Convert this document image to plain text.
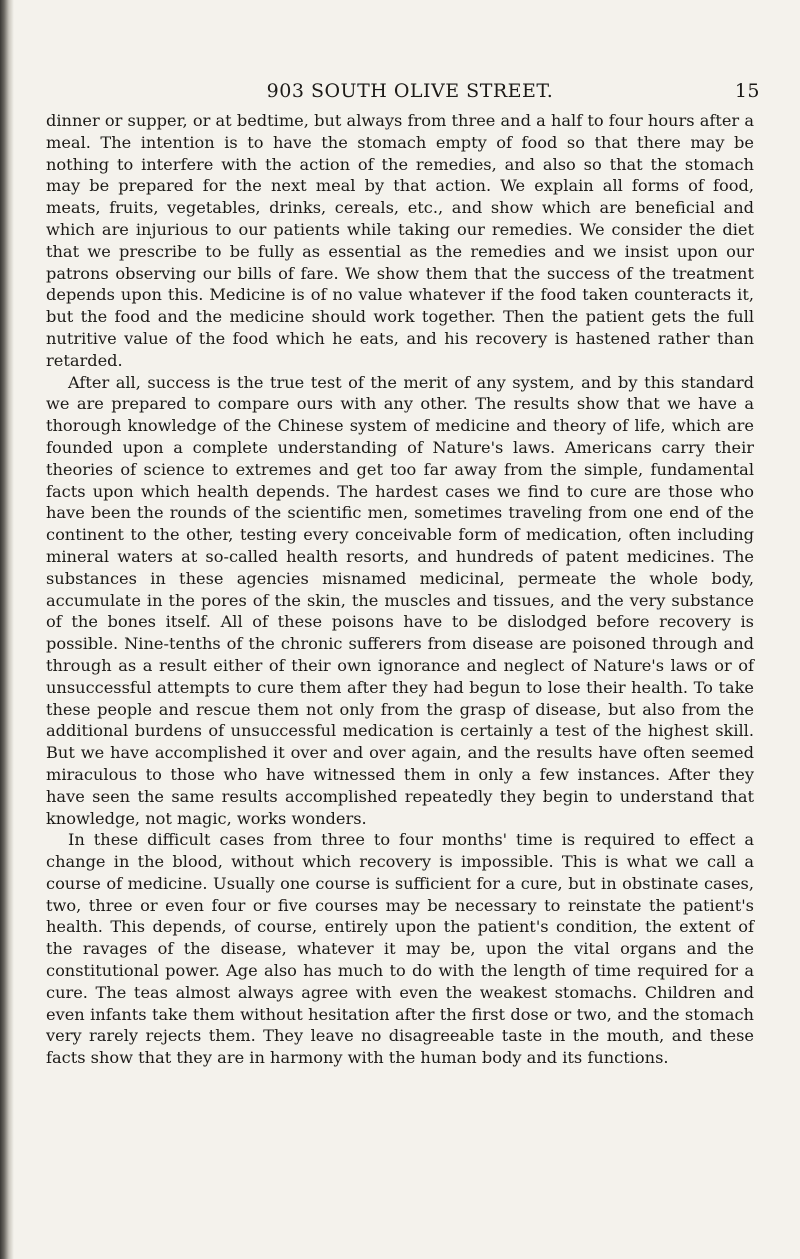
903 SOUTH OLIVE STREET.	15

dinner or supper, or at bedtime, but always from three and a half to four hours after a meal. The intention is to have the stomach empty of food so that there may be nothing to interfere with the action of the remedies, and also so that the stomach may be prepared for the next meal by that action. We explain all forms of food, meats, fruits, vegetables, drinks, cereals, etc., and show which are beneficial and which are injurious to our patients while taking our remedies. We consider the diet that we prescribe to be fully as essential as the remedies and we insist upon our patrons observing our bills of fare. We show them that the success of the treatment depends upon this. Medicine is of no value whatever if the food taken counteracts it, but the food and the medicine should work together. Then the patient gets the full nutritive value of the food which he eats, and his recovery is hastened rather than retarded.

After all, success is the true test of the merit of any system, and by this standard we are prepared to compare ours with any other. The results show that we have a thorough knowledge of the Chinese system of medicine and theory of life, which are founded upon a complete understanding of Nature's laws. Americans carry their theories of science to extremes and get too far away from the simple, fundamental facts upon which health depends. The hardest cases we find to cure are those who have been the rounds of the scientific men, sometimes traveling from one end of the continent to the other, testing every conceivable form of medication, often including mineral waters at so-called health resorts, and hundreds of patent medicines. The substances in these agencies misnamed medicinal, permeate the whole body, accumulate in the pores of the skin, the muscles and tissues, and the very substance of the bones itself. All of these poisons have to be dislodged before recovery is possible. Nine-tenths of the chronic sufferers from disease are poisoned through and through as a result either of their own ignorance and neglect of Nature's laws or of unsuccessful attempts to cure them after they had begun to lose their health. To take these people and rescue them not only from the grasp of disease, but also from the additional burdens of unsuccessful medication is certainly a test of the highest skill. But we have accomplished it over and over again, and the results have often seemed miraculous to those who have witnessed them in only a few instances. After they have seen the same results accomplished repeatedly they begin to understand that knowledge, not magic, works wonders.

In these difficult cases from three to four months' time is required to effect a change in the blood, without which recovery is impossible. This is what we call a course of medicine. Usually one course is sufficient for a cure, but in obstinate cases, two, three or even four or five courses may be necessary to reinstate the patient's health. This depends, of course, entirely upon the patient's condition, the extent of the ravages of the disease, whatever it may be, upon the vital organs and the constitutional power. Age also has much to do with the length of time required for a cure. The teas almost always agree with even the weakest stomachs. Children and even infants take them without hesitation after the first dose or two, and the stomach very rarely rejects them. They leave no disagreeable taste in the mouth, and these facts show that they are in harmony with the human body and its functions.
